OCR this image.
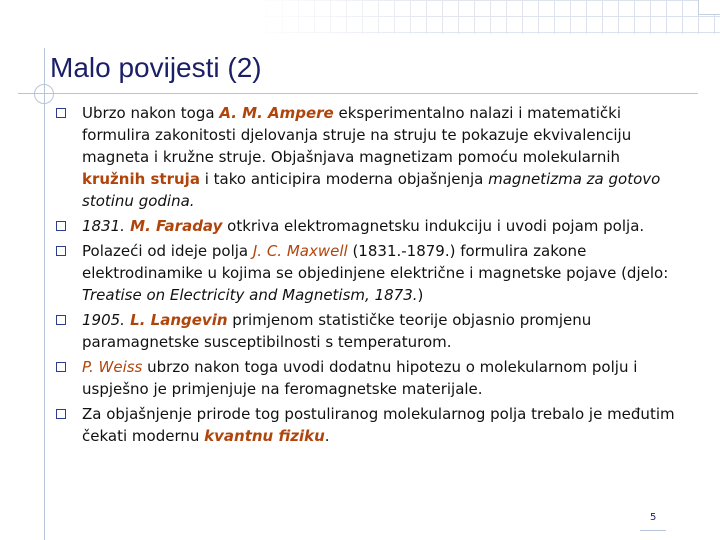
Malo povijesti (2)
Ubrzo nakon toga A. M. Ampere eksperimentalno nalazi i matematički formulira zakonitosti djelovanja struje na struju te pokazuje ekvivalenciju magneta i kružne struje. Objašnjava magnetizam pomoću molekularnih kružnih struja i tako anticipira moderna objašnjenja magnetizma za gotovo stotinu godina.
1831. M. Faraday otkriva elektromagnetsku indukciju i uvodi pojam polja.
Polazeći od ideje polja J. C. Maxwell (1831.-1879.) formulira zakone elektrodinamike u kojima se objedinjene električne i magnetske pojave (djelo: Treatise on Electricity and Magnetism, 1873.)
1905. L. Langevin primjenom statističke teorije objasnio promjenu paramagnetske susceptibilnosti s temperaturom.
P. Weiss ubrzo nakon toga uvodi dodatnu hipotezu o molekularnom polju i uspješno je primjenjuje na feromagnetske materijale.
Za objašnjenje prirode tog postuliranog molekularnog polja trebalo je međutim čekati modernu kvantnu fiziku.
5
